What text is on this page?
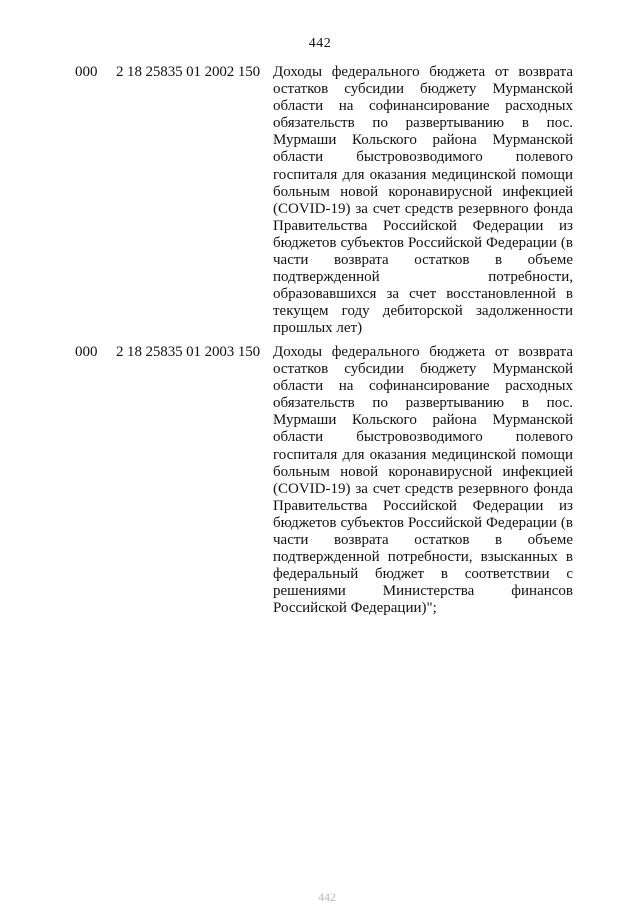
442
000 2 18 25835 01 2002 150 Доходы федерального бюджета от возврата
остатков субсидии бюджету Мурманской
области на софинансирование расходных
обязательств по развертыванию в пос.
Мурмаши Кольского района Мурманской
области быстровозводимого полевого
госпиталя для оказания медицинской помощи
больным новой коронавирусной инфекцией
(COVID-19) за счет средств резервного фонда
Правительства Российской Федерации из
бюджетов субъектов Российской Федерации (в
части возврата остатков в объеме
подтвержденной потребности,
образовавшихся за счет восстановленной в
текущем году дебиторской задолженности
прошлых лет)
000 2 18 25835 01 2003 150 Доходы федерального бюджета от возврата
остатков субсидии бюджету Мурманской
области на софинансирование расходных
обязательств по развертыванию в пос.
Мурмаши Кольского района Мурманской
области быстровозводимого полевого
госпиталя для оказания медицинской помощи
больным новой коронавирусной инфекцией
(COVID-19) за счет средств резервного фонда
Правительства Российской Федерации из
бюджетов субъектов Российской Федерации (в
части возврата остатков в объеме
подтвержденной потребности, взысканных в
федеральный бюджет в соответствии с
решениями Министерства финансов
Российской Федерации)";
442
